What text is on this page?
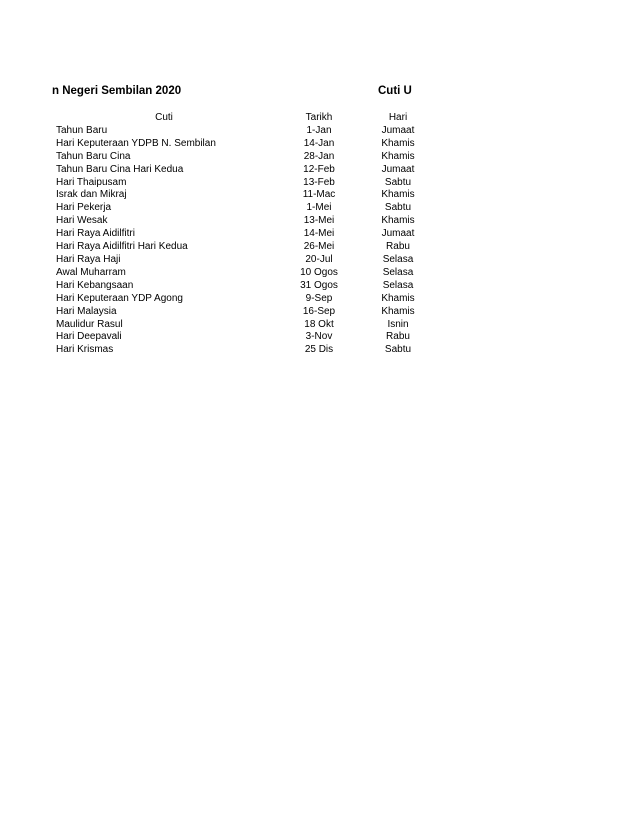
n Negeri Sembilan 2020	Cuti U
Cuti	Tarikh	Hari
Tahun Baru	1-Jan	Jumaat
Hari Keputeraan YDPB N. Sembilan	14-Jan	Khamis
Tahun Baru Cina	28-Jan	Khamis
Tahun Baru Cina Hari Kedua	12-Feb	Jumaat
Hari Thaipusam	13-Feb	Sabtu
Israk dan Mikraj	11-Mac	Khamis
Hari Pekerja	1-Mei	Sabtu
Hari Wesak	13-Mei	Khamis
Hari Raya Aidilfitri	14-Mei	Jumaat
Hari Raya Aidilfitri Hari Kedua	26-Mei	Rabu
Hari Raya Haji	20-Jul	Selasa
Awal Muharram	10 Ogos	Selasa
Hari Kebangsaan	31 Ogos	Selasa
Hari Keputeraan YDP Agong	9-Sep	Khamis
Hari Malaysia	16-Sep	Khamis
Maulidur Rasul	18 Okt	Isnin
Hari Deepavali	3-Nov	Rabu
Hari Krismas	25 Dis	Sabtu
